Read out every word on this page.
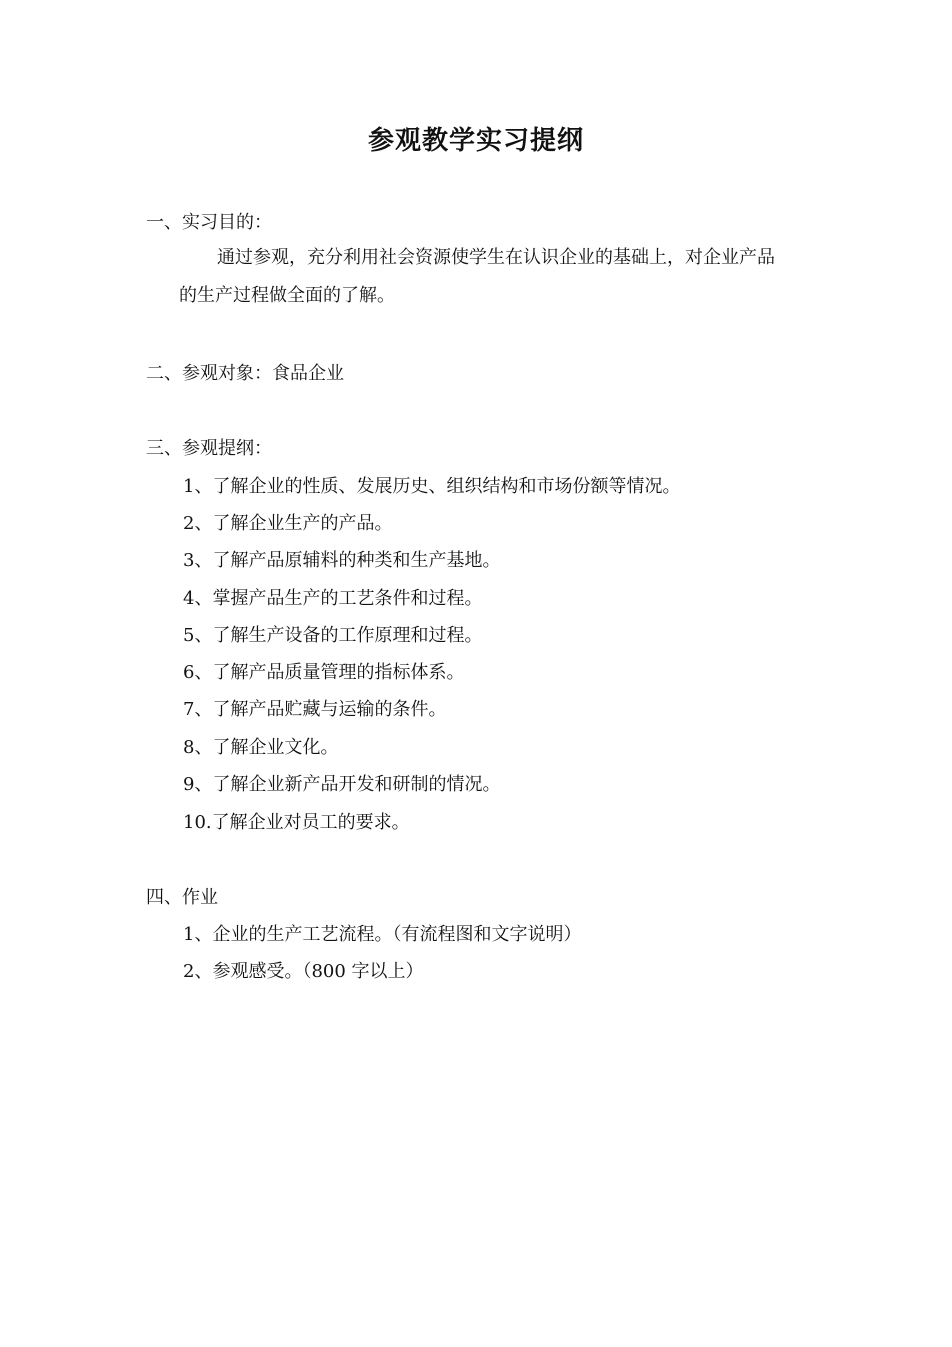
参观教学实习提纲
一、实习目的：
通过参观，充分利用社会资源使学生在认识企业的基础上，对企业产品
的生产过程做全面的了解。
二、参观对象：食品企业
三、参观提纲：
1、了解企业的性质、发展历史、组织结构和市场份额等情况。
2、了解企业生产的产品。
3、了解产品原辅料的种类和生产基地。
4、掌握产品生产的工艺条件和过程。
5、了解生产设备的工作原理和过程。
6、了解产品质量管理的指标体系。
7、了解产品贮藏与运输的条件。
8、了解企业文化。
9、了解企业新产品开发和研制的情况。
10.了解企业对员工的要求。
四、作业
1、企业的生产工艺流程。（有流程图和文字说明）
2、参观感受。（800 字以上）
